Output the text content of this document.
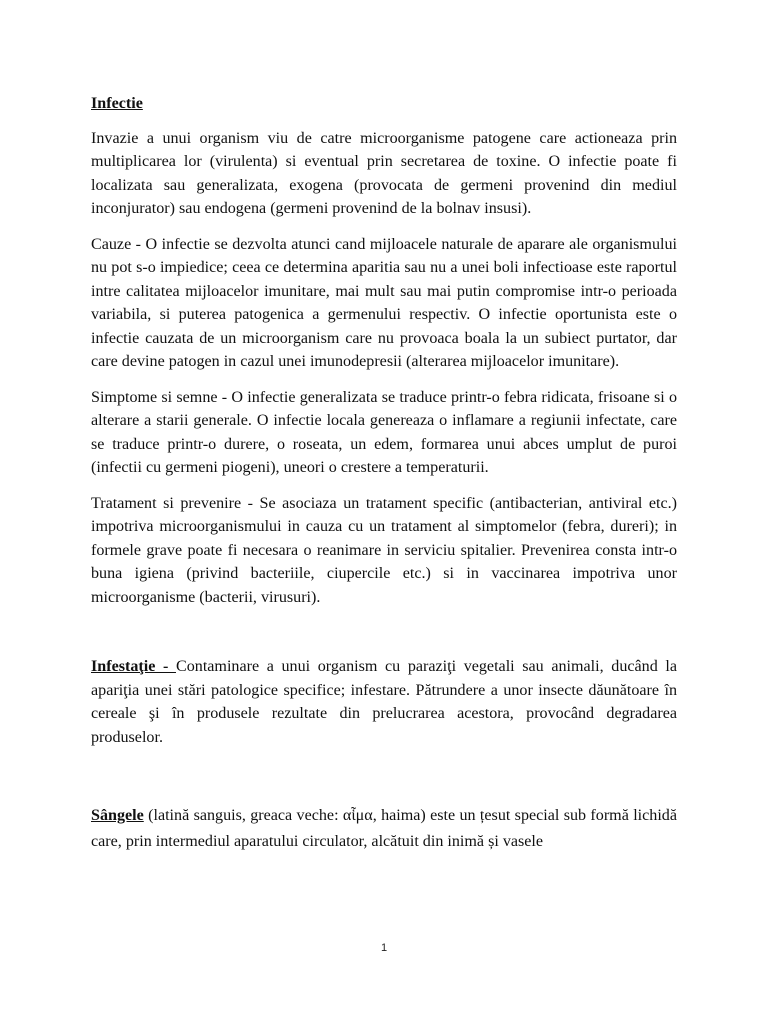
Infectie

Invazie a unui organism viu de catre microorganisme patogene care actioneaza prin multiplicarea lor (virulenta) si eventual prin secretarea de toxine. O infectie poate fi localizata sau generalizata, exogena (provocata de germeni provenind din mediul inconjurator) sau endogena (germeni provenind de la bolnav insusi).

Cauze - O infectie se dezvolta atunci cand mijloacele naturale de aparare ale organismului nu pot s-o impiedice; ceea ce determina aparitia sau nu a unei boli infectioase este raportul intre calitatea mijloacelor imunitare, mai mult sau mai putin compromise intr-o perioada variabila, si puterea patogenica a germenului respectiv. O infectie oportunista este o infectie cauzata de un microorganism care nu provoaca boala la un subiect purtator, dar care devine patogen in cazul unei imunodepresii (alterarea mijloacelor imunitare).

Simptome si semne - O infectie generalizata se traduce printr-o febra ridicata, frisoane si o alterare a starii generale. O infectie locala genereaza o inflamare a regiunii infectate, care se traduce printr-o durere, o roseata, un edem, formarea unui abces umplut de puroi (infectii cu germeni piogeni), uneori o crestere a temperaturii.

Tratament si prevenire - Se asociaza un tratament specific (antibacterian, antiviral etc.) impotriva microorganismului in cauza cu un tratament al simptomelor (febra, dureri); in formele grave poate fi necesara o reanimare in serviciu spitalier. Prevenirea consta intr-o buna igiena (privind bacteriile, ciupercile etc.) si in vaccinarea impotriva unor microorganisme (bacterii, virusuri).

Infestaţie - Contaminare a unui organism cu paraziţi vegetali sau animali, ducând la apariţia unei stări patologice specifice; infestare. Pătrundere a unor insecte dăunătoare în cereale şi în produsele rezultate din prelucrarea acestora, provocând degradarea produselor.

Sângele (latină sanguis, greaca veche: αἷμα, haima) este un țesut special sub formă lichidă care, prin intermediul aparatului circulator, alcătuit din inimă și vasele

1
